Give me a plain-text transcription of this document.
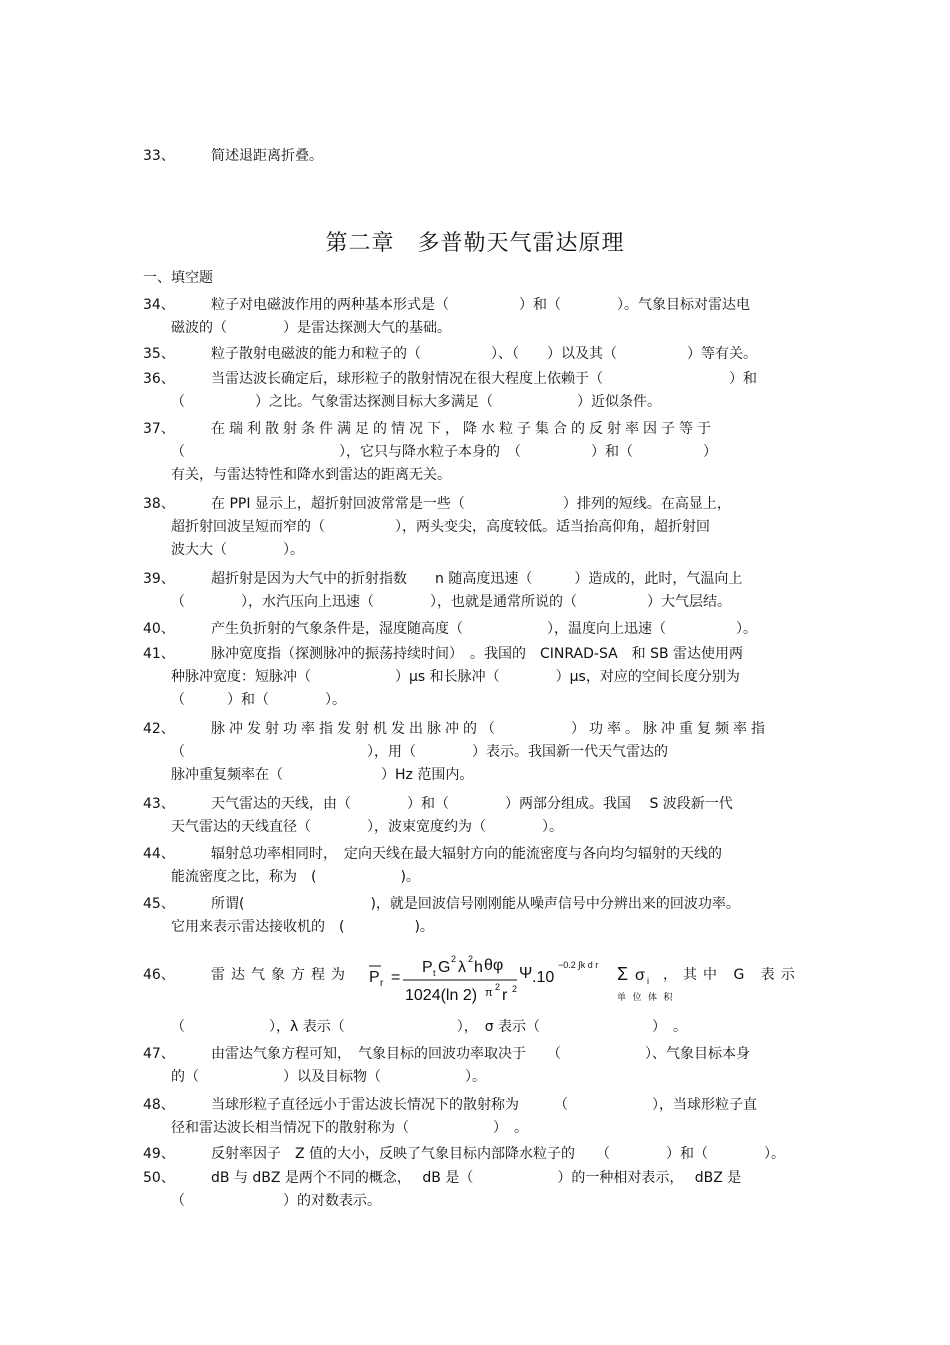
33、	简述退距离折叠。
第二章　多普勒天气雷达原理
一、填空题
34、	粒子对电磁波作用的两种基本形式是（　　　　　）和（　　　　）。气象目标对雷达电
磁波的（　　　　）是雷达探测大气的基础。
35、	粒子散射电磁波的能力和粒子的（　　　　　）、（　　）以及其（　　　　　）等有关。
36、	当雷达波长确定后，球形粒子的散射情况在很大程度上依赖于（　　　　　　　　　）和
（　　　　　）之比。气象雷达探测目标大多满足（　　　　　　）近似条件。
37、	在瑞利散射条件满足的情况下，降水粒子集合的反射率因子等于
（　　　　　　　　　　　），它只与降水粒子本身的　（　　　　　）和（　　　　　）
有关，与雷达特性和降水到雷达的距离无关。
38、	在 PPI 显示上，超折射回波常常是一些（　　　　　　　）排列的短线。在高显上，
超折射回波呈短而窄的（　　　　　），两头变尖，高度较低。适当抬高仰角，超折射回
波大大（　　　　）。
39、	超折射是因为大气中的折射指数　　n 随高度迅速（　　　）造成的，此时，气温向上
（　　　　），水汽压向上迅速（　　　　），也就是通常所说的（　　　　　）大气层结。
40、	产生负折射的气象条件是，湿度随高度（　　　　　　），温度向上迅速（　　　　　）。
41、	脉冲宽度指（探测脉冲的振荡持续时间）　。我国的　CINRAD-SA　和 SB 雷达使用两
种脉冲宽度：短脉冲（　　　　　　）μs 和长脉冲（　　　　）μs，对应的空间长度分别为
（　　　）和（　　　　）。
42、	脉冲发射功率指发射机发出脉冲的（　　　　）功率。脉冲重复频率指
（　　　　　　　　　　　　　），用（　　　　）表示。我国新一代天气雷达的
脉冲重复频率在（　　　　　　　）Hz 范围内。
43、	天气雷达的天线，由（　　　　）和（　　　　）两部分组成。我国　 S 波段新一代
天气雷达的天线直径（　　　　），波束宽度约为（　　　　）。
44、	辐射总功率相同时，　定向天线在最大辐射方向的能流密度与各向均匀辐射的天线的
能流密度之比，称为　(　　　　　　)。
45、	所谓(　　　　　　　　　)，就是回波信号刚刚能从噪声信号中分辨出来的回波功率。
它用来表示雷达接收机的　(　　　　　)。
46、	雷达气象方程为 P r =
P t G 2 λ 2 h θφ
1024(ln 2) π 2 r 2
Ψ .10
−0.2 ∫k d r Σ σ i
单 位 体 积
，其中 G 表示
（　　　　　　），λ 表示（　　　　　　　　），　σ 表示（　　　　　　　　）　。
47、	由雷达气象方程可知，　气象目标的回波功率取决于　　（　　　　　　）、气象目标本身
的（　　　　　　）以及目标物（　　　　　　）。
48、	当球形粒子直径远小于雷达波长情况下的散射称为　　　（　　　　　　），当球形粒子直
径和雷达波长相当情况下的散射称为（　　　　　　）　。
49、	反射率因子　Z 值的大小，反映了气象目标内部降水粒子的　　（　　　　）和（　　　　）。
50、	dB 与 dBZ 是两个不同的概念，　 dB 是（　　　　　　）的一种相对表示，　 dBZ 是
（　　　　　　　）的对数表示。
